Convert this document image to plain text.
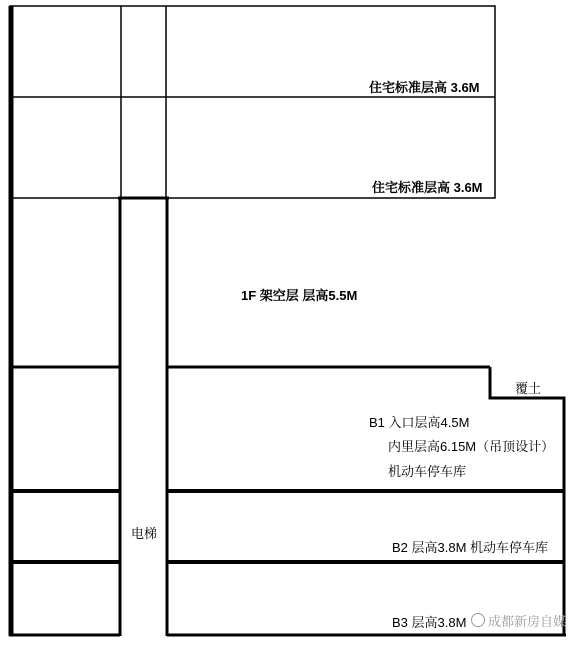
住宅标准层高 3.6M
住宅标准层高 3.6M
1F 架空层 层高5.5M
覆土
B1 入口层高4.5M
内里层高6.15M（吊顶设计）
机动车停车库
电梯
B2 层高3.8M 机动车停车库
B3 层高3.8M 成都新房自媒
